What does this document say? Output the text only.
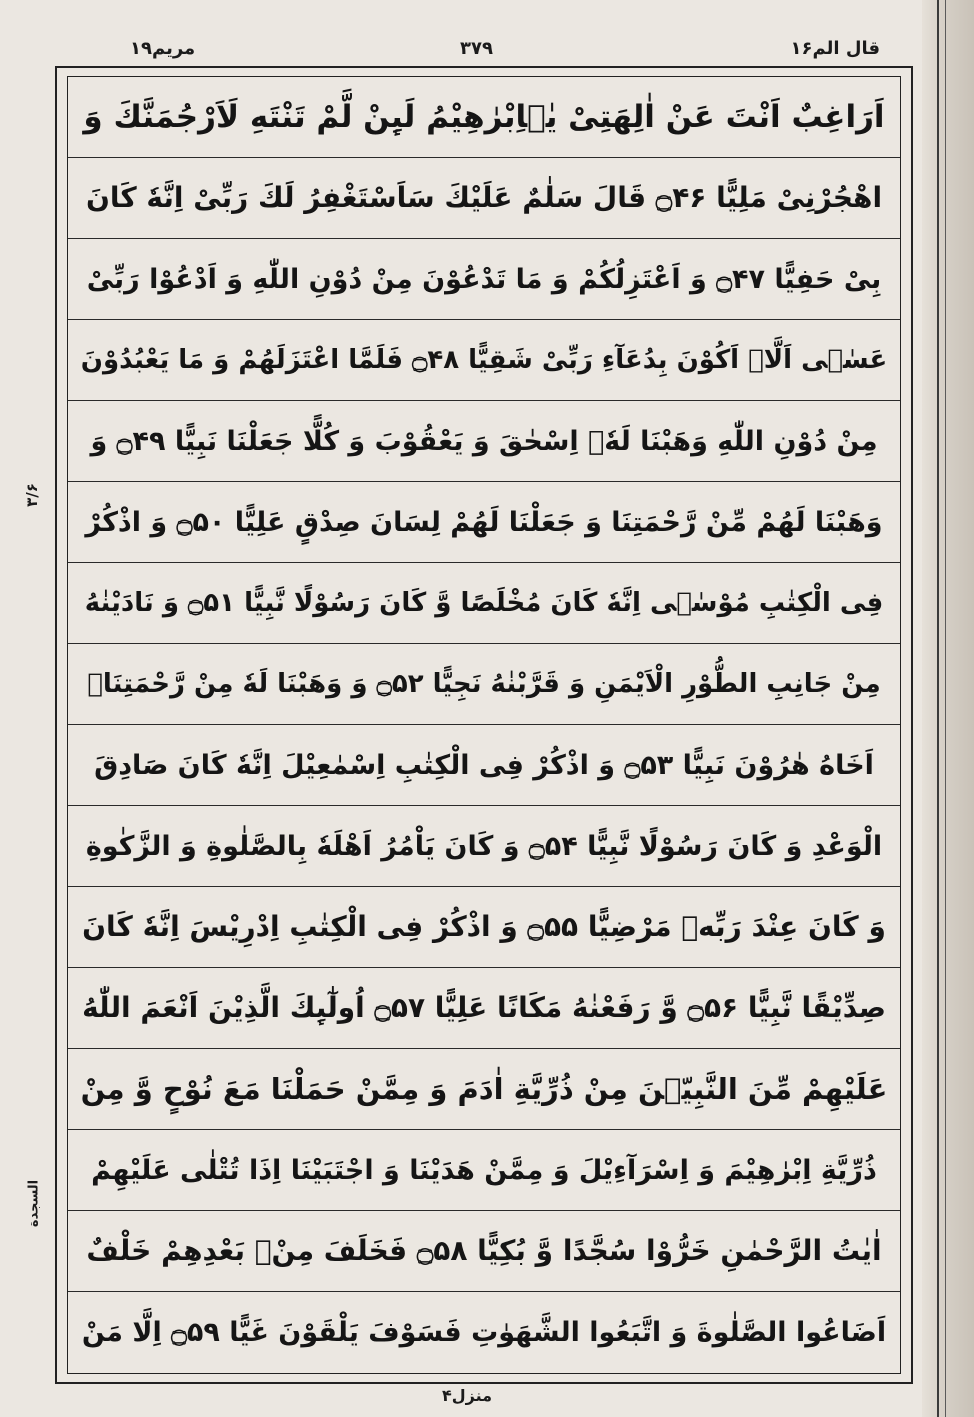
مریم۱۹	۳۷۹	قال الم۱۶
اَرَاغِبٌ اَنْتَ عَنْ اٰلِهَتِیْ یٰۤاِبْرٰهِیْمُ لَىِٕنْ لَّمْ تَنْتَهِ لَاَرْجُمَنَّكَ وَ
اهْجُرْنِیْ مَلِیًّا ۝۴۶ قَالَ سَلٰمٌ عَلَیْكَ سَاَسْتَغْفِرُ لَكَ رَبِّیْ اِنَّهٗ كَانَ
بِیْ حَفِیًّا ۝۴۷ وَ اَعْتَزِلُكُمْ وَ مَا تَدْعُوْنَ مِنْ دُوْنِ اللّٰهِ وَ اَدْعُوْا رَبِّیْ
عَسٰۤى اَلَّاۤ اَكُوْنَ بِدُعَآءِ رَبِّیْ شَقِیًّا ۝۴۸ فَلَمَّا اعْتَزَلَهُمْ وَ مَا یَعْبُدُوْنَ
مِنْ دُوْنِ اللّٰهِ وَهَبْنَا لَهٗۤ اِسْحٰقَ وَ یَعْقُوْبَ وَ كُلًّا جَعَلْنَا نَبِیًّا ۝۴۹ وَ
وَهَبْنَا لَهُمْ مِّنْ رَّحْمَتِنَا وَ جَعَلْنَا لَهُمْ لِسَانَ صِدْقٍ عَلِیًّا ۝۵۰ وَ اذْكُرْ
فِی الْكِتٰبِ مُوْسٰۤى اِنَّهٗ كَانَ مُخْلَصًا وَّ كَانَ رَسُوْلًا نَّبِیًّا ۝۵۱ وَ نَادَیْنٰهُ
مِنْ جَانِبِ الطُّوْرِ الْاَیْمَنِ وَ قَرَّبْنٰهُ نَجِیًّا ۝۵۲ وَ وَهَبْنَا لَهٗ مِنْ رَّحْمَتِنَاۤ
اَخَاهُ هٰرُوْنَ نَبِیًّا ۝۵۳ وَ اذْكُرْ فِی الْكِتٰبِ اِسْمٰعِیْلَ اِنَّهٗ كَانَ صَادِقَ
الْوَعْدِ وَ كَانَ رَسُوْلًا نَّبِیًّا ۝۵۴ وَ كَانَ یَاْمُرُ اَهْلَهٗ بِالصَّلٰوةِ وَ الزَّكٰوةِ
وَ كَانَ عِنْدَ رَبِّهٖ مَرْضِیًّا ۝۵۵ وَ اذْكُرْ فِی الْكِتٰبِ اِدْرِیْسَ اِنَّهٗ كَانَ
صِدِّیْقًا نَّبِیًّا ۝۵۶ وَّ رَفَعْنٰهُ مَكَانًا عَلِیًّا ۝۵۷ اُولٰٓىِٕكَ الَّذِیْنَ اَنْعَمَ اللّٰهُ
عَلَیْهِمْ مِّنَ النَّبِیّٖنَ مِنْ ذُرِّیَّةِ اٰدَمَ وَ مِمَّنْ حَمَلْنَا مَعَ نُوْحٍ وَّ مِنْ
ذُرِّیَّةِ اِبْرٰهِیْمَ وَ اِسْرَآءِیْلَ وَ مِمَّنْ هَدَیْنَا وَ اجْتَبَیْنَا اِذَا تُتْلٰى عَلَیْهِمْ
اٰیٰتُ الرَّحْمٰنِ خَرُّوْا سُجَّدًا وَّ بُكِیًّا ۝۵۸ فَخَلَفَ مِنْۢ بَعْدِهِمْ خَلْفٌ
اَضَاعُوا الصَّلٰوةَ وَ اتَّبَعُوا الشَّهَوٰتِ فَسَوْفَ یَلْقَوْنَ غَیًّا ۝۵۹ اِلَّا مَنْ
۳/۶
السجدة
منزل۴
